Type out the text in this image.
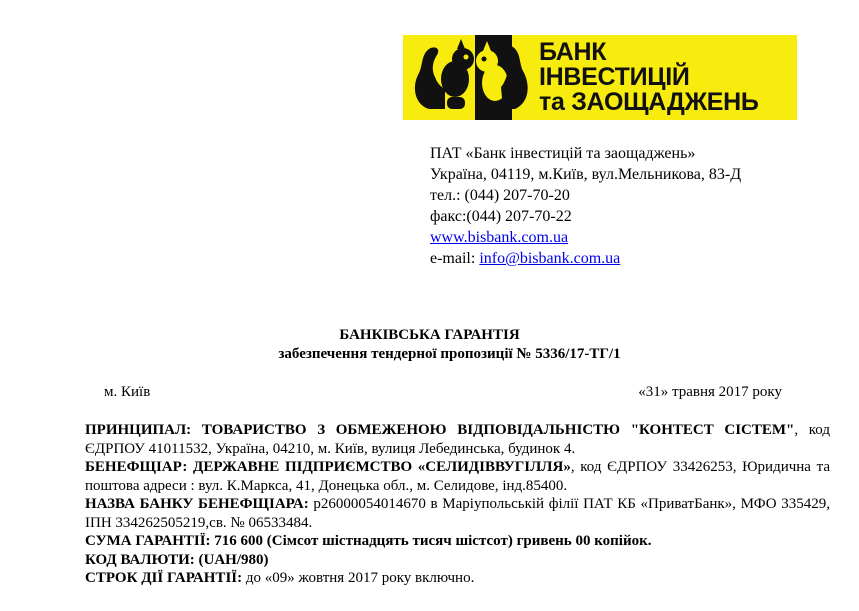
БАНК
ІНВЕСТИЦІЙ
та ЗАОЩАДЖЕНЬ
ПАТ «Банк інвестицій та заощаджень»
Україна, 04119, м.Київ, вул.Мельникова, 83-Д
тел.: (044) 207-70-20
факс:(044) 207-70-22
www.bisbank.com.ua
e-mail: info@bisbank.com.ua
БАНКІВСЬКА ГАРАНТІЯ
забезпечення тендерної пропозиції № 5336/17-ТГ/1
м. Київ	«31» травня 2017 року
ПРИНЦИПАЛ: ТОВАРИСТВО З ОБМЕЖЕНОЮ ВІДПОВІДАЛЬНІСТЮ "КОНТЕСТ СІСТЕМ", код ЄДРПОУ 41011532, Україна, 04210, м. Київ, вулиця Лебединська, будинок 4.
БЕНЕФЩІАР: ДЕРЖАВНЕ ПІДПРИЄМСТВО «СЕЛИДІВВУГІЛЛЯ», код ЄДРПОУ 33426253, Юридична та поштова адреси : вул. К.Маркса, 41, Донецька обл., м. Селидове, інд.85400.
НАЗВА БАНКУ БЕНЕФЩІАРА: р26000054014670 в Маріупольській філії ПАТ КБ «ПриватБанк», МФО 335429, ІПН 334262505219,св. № 06533484.
СУМА ГАРАНТІЇ: 716 600 (Сімсот шістнадцять тисяч шістсот) гривень 00 копійок.
КОД ВАЛЮТИ: (UAH/980)
СТРОК ДІЇ ГАРАНТІЇ: до «09» жовтня 2017 року включно.
